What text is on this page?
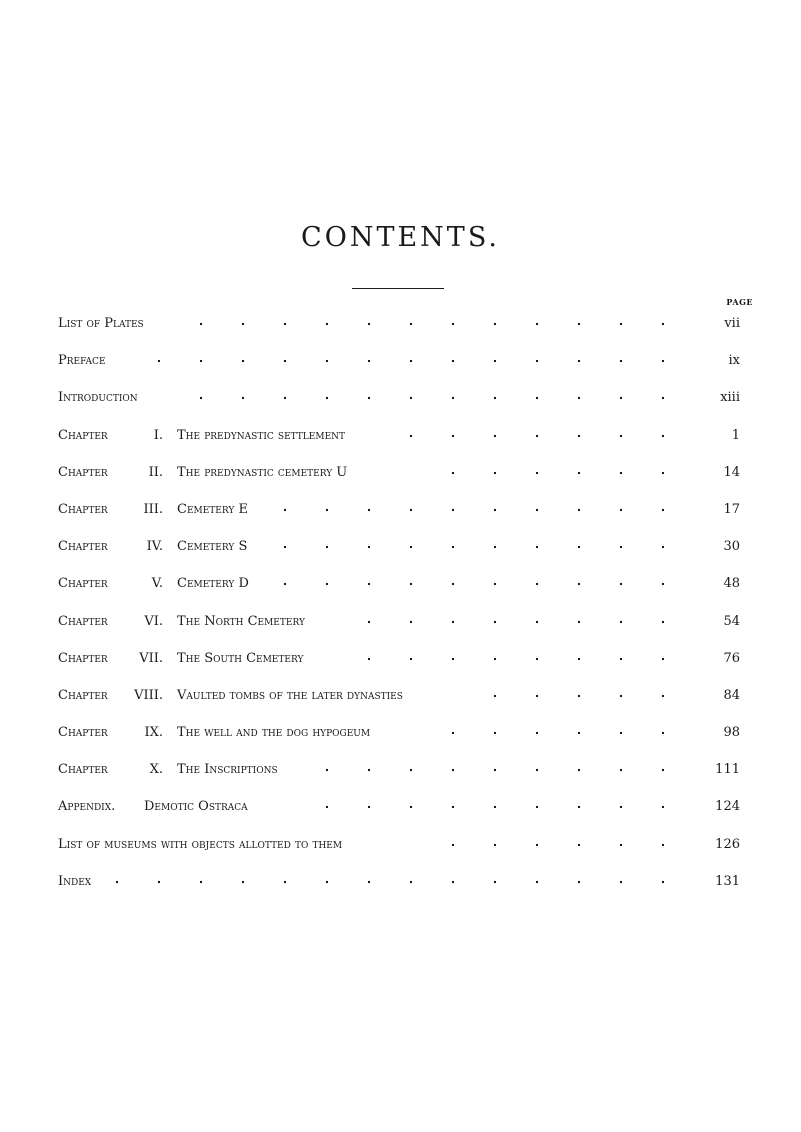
CONTENTS.
PAGE
List of Plates	vii
Preface	ix
Introduction	xiii
Chapter	I. The predynastic settlement	1
Chapter	II. The predynastic cemetery U	14
Chapter	III. Cemetery E	17
Chapter	IV. Cemetery S	30
Chapter	V. Cemetery D	48
Chapter	VI. The North Cemetery	54
Chapter	VII. The South Cemetery	76
Chapter	VIII. Vaulted tombs of the later dynasties	84
Chapter	IX. The well and the dog hypogeum	98
Chapter	X. The Inscriptions	111
Appendix. Demotic Ostraca	124
List of museums with objects allotted to them	126
Index	131
